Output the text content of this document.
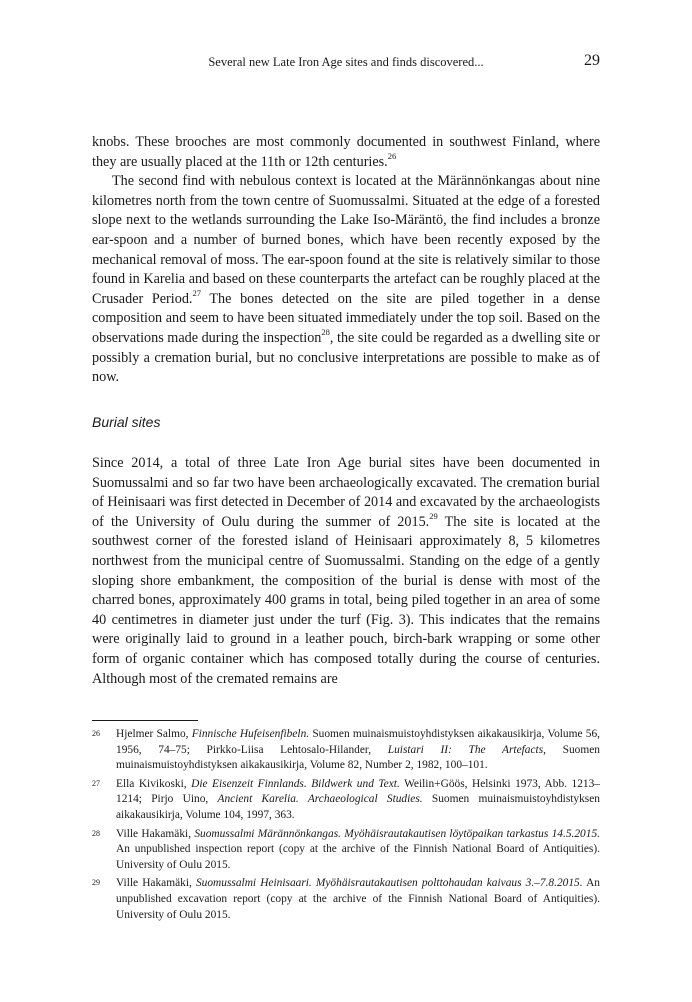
Several new Late Iron Age sites and finds discovered...	29

knobs. These brooches are most commonly documented in southwest Finland, where they are usually placed at the 11th or 12th centuries.$^{26}$

The second find with nebulous context is located at the Märännönkangas about nine kilometres north from the town centre of Suomussalmi. Situated at the edge of a forested slope next to the wetlands surrounding the Lake Iso-Märäntö, the find includes a bronze ear-spoon and a number of burned bones, which have been recently exposed by the mechanical removal of moss. The ear-spoon found at the site is relatively similar to those found in Karelia and based on these counterparts the artefact can be roughly placed at the Crusader Period.$^{27}$ The bones detected on the site are piled together in a dense composition and seem to have been situated immediately under the top soil. Based on the observations made during the inspection$^{28}$, the site could be regarded as a dwelling site or possibly a cremation burial, but no conclusive interpretations are possible to make as of now.

Burial sites

Since 2014, a total of three Late Iron Age burial sites have been documented in Suomussalmi and so far two have been archaeologically excavated. The cremation burial of Heinisaari was first detected in December of 2014 and excavated by the archaeologists of the University of Oulu during the summer of 2015.29 The site is located at the southwest corner of the forested island of Heinisaari approximately 8, 5 kilometres northwest from the municipal centre of Suomussalmi. Standing on the edge of a gently sloping shore embankment, the composition of the burial is dense with most of the charred bones, approximately 400 grams in total, being piled together in an area of some 40 centimetres in diameter just under the turf (Fig. 3). This indicates that the remains were originally laid to ground in a leather pouch, birch-bark wrapping or some other form of organic container which has composed totally during the course of centuries. Although most of the cremated remains are

26 Hjelmer Salmo, Finnische Hufeisenfibeln. Suomen muinaismuistoyhdistyksen aikakausikirja, Volume 56, 1956, 74–75; Pirkko-Liisa Lehtosalo-Hilander, Luistari II: The Artefacts, Suomen muinaismuistoyhdistyksen aikakausikirja, Volume 82, Number 2, 1982, 100–101.
27 Ella Kivikoski, Die Eisenzeit Finnlands. Bildwerk und Text. Weilin+Göös, Helsinki 1973, Abb. 1213–1214; Pirjo Uino, Ancient Karelia. Archaeological Studies. Suomen muinaismuistoyhdistyksen aikakausikirja, Volume 104, 1997, 363.
28 Ville Hakamäki, Suomussalmi Märännönkangas. Myöhäisrautakautisen löytöpaikan tarkastus 14.5.2015. An unpublished inspection report (copy at the archive of the Finnish National Board of Antiquities). University of Oulu 2015.
29 Ville Hakamäki, Suomussalmi Heinisaari. Myöhäisrautakautisen polttohaudan kaivaus 3.–7.8.2015. An unpublished excavation report (copy at the archive of the Finnish National Board of Antiquities). University of Oulu 2015.
